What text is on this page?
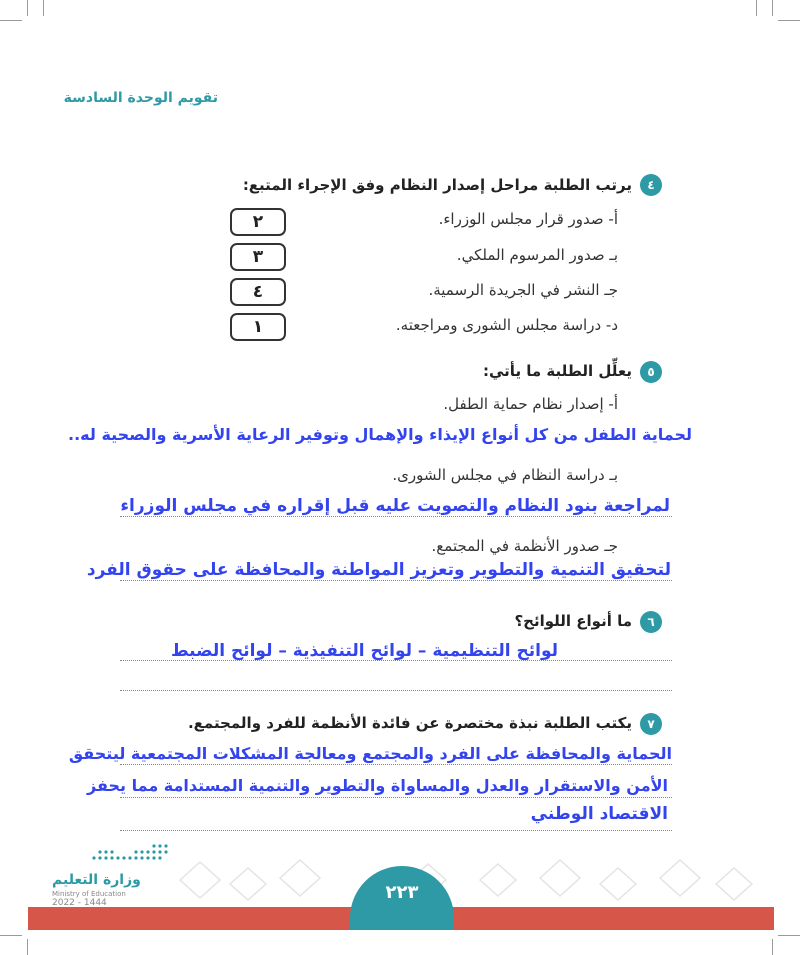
تقويم الوحدة السادسة
٤
يرتب الطلبة مراحل إصدار النظام وفق الإجراء المتبع:
أ- صدور قرار مجلس الوزراء.
٢
بـ صدور المرسوم الملكي.
٣
جـ النشر في الجريدة الرسمية.
٤
د- دراسة مجلس الشورى ومراجعته.
١
٥
يعلِّل الطلبة ما يأتي:
أ- إصدار نظام حماية الطفل.
لحماية الطفل من كل أنواع الإيذاء والإهمال وتوفير الرعاية الأسرية والصحية له..
بـ دراسة النظام في مجلس الشورى.
لمراجعة بنود النظام والتصويت عليه قبل إقراره في مجلس الوزراء
جـ صدور الأنظمة في المجتمع.
لتحقيق التنمية والتطوير وتعزيز المواطنة والمحافظة على حقوق الفرد
٦
ما أنواع اللوائح؟
لوائح التنظيمية – لوائح التنفيذية – لوائح الضبط
٧
يكتب الطلبة نبذة مختصرة عن فائدة الأنظمة للفرد والمجتمع.
الحماية والمحافظة على الفرد والمجتمع ومعالجة المشكلات المجتمعية ليتحقق
الأمن والاستقرار والعدل والمساواة والتطوير والتنمية المستدامة مما يحفز
الاقتصاد الوطني
٢٢٣
وزارة التعليم
Ministry of Education
2022 - 1444
